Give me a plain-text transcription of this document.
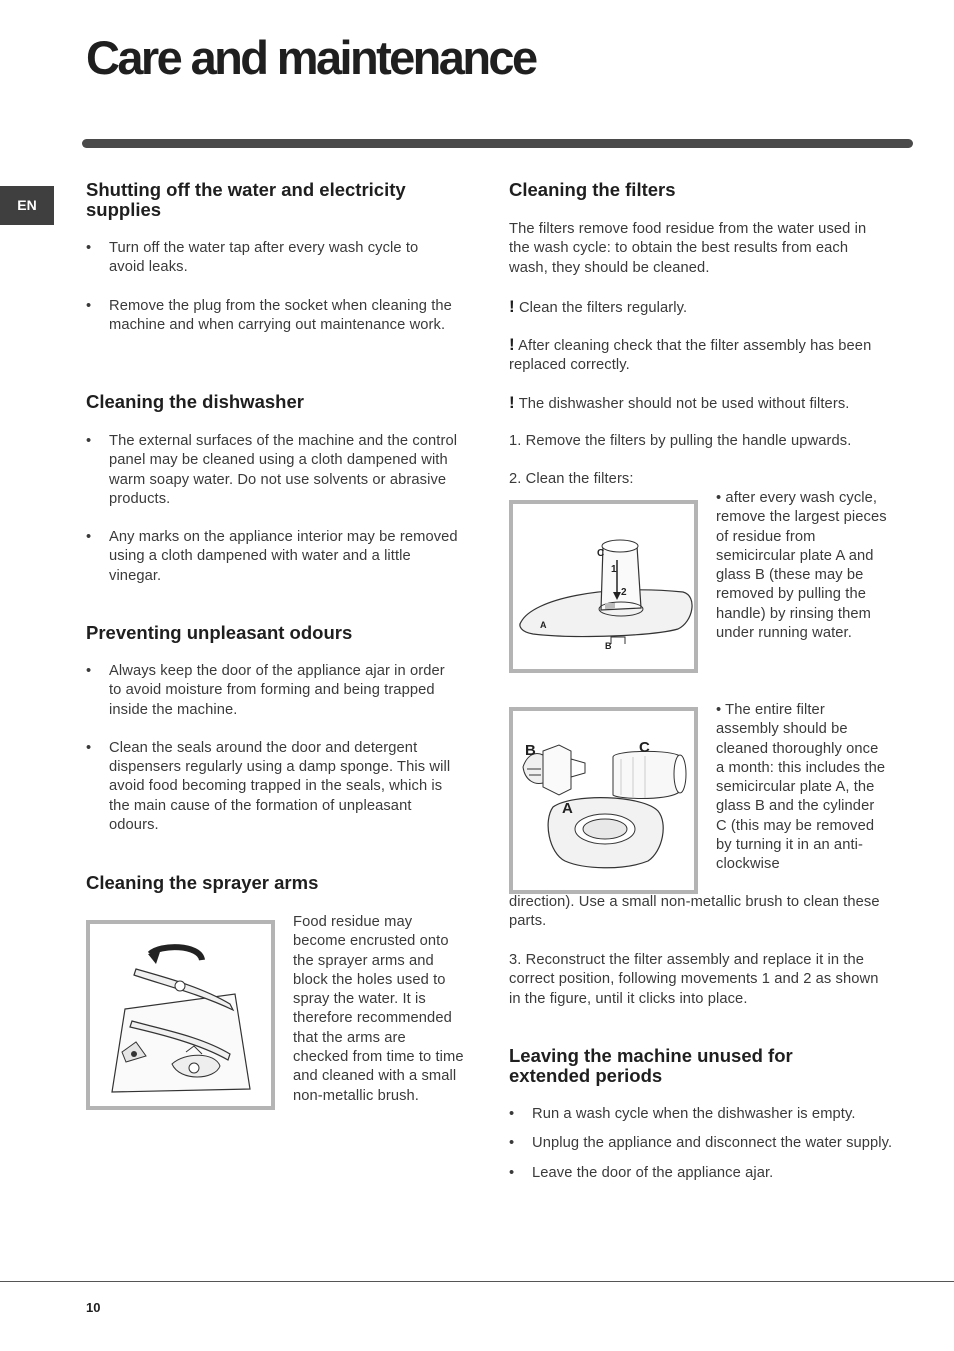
Care and maintenance
EN
Shutting off the water and electricity supplies
• Turn off the water tap after every wash cycle to avoid leaks.
• Remove the plug from the socket when cleaning the machine and when carrying out maintenance work.
Cleaning the dishwasher
• The external surfaces of the machine and the control panel may be cleaned using a cloth dampened with warm soapy water. Do not use solvents or abrasive products.
• Any marks on the appliance interior may be removed using a cloth dampened with water and a little vinegar.
Preventing unpleasant odours
• Always keep the door of the appliance ajar in order to avoid moisture from forming and being trapped inside the machine.
• Clean the seals around the door and detergent dispensers regularly using a damp sponge. This will avoid food becoming trapped in the seals, which is the main cause of the formation of unpleasant odours.
Cleaning the sprayer arms
Food residue may become encrusted onto the sprayer arms and block the holes used to spray the water. It is therefore recommended that the arms are checked from time to time and cleaned with a small non-metallic brush.
Cleaning the filters
The filters remove food residue from the water used in the wash cycle: to obtain the best results from each wash, they should be cleaned.
! Clean the filters regularly.
! After cleaning check that the filter assembly has been replaced correctly.
! The dishwasher should not be used without filters.
1. Remove the filters by pulling the handle upwards.
2. Clean the filters:
C
1
2
A
B
• after every wash cycle, remove the largest pieces of residue from semicircular plate A and glass B (these may be removed by pulling the handle) by rinsing them under running water.
B	C
A
• The entire filter assembly should be cleaned thoroughly once a month: this includes the semicircular plate A, the glass B and the cylinder C (this may be removed by turning it in an anti-clockwise
direction). Use a small non-metallic brush to clean these parts.
3. Reconstruct the filter assembly and replace it in the correct position, following movements 1 and 2 as shown in the figure, until it clicks into place.
Leaving the machine unused for extended periods
• Run a wash cycle when the dishwasher is empty.
• Unplug the appliance and disconnect the water supply.
• Leave the door of the appliance ajar.
10
